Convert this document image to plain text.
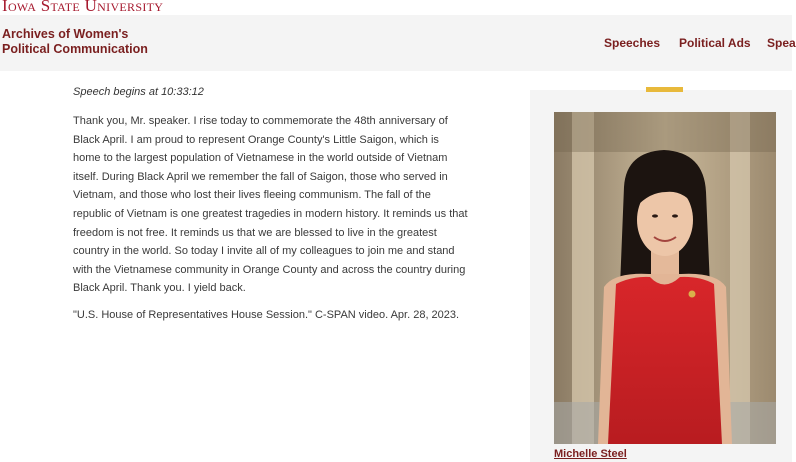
Iowa State University
Archives of Women's
Political Communication	Speeches Political Ads Spea

Speech begins at 10:33:12

Thank you, Mr. speaker. I rise today to commemorate the 48th anniversary of Black April. I am proud to represent Orange County's Little Saigon, which is home to the largest population of Vietnamese in the world outside of Vietnam itself. During Black April we remember the fall of Saigon, those who served in Vietnam, and those who lost their lives fleeing communism. The fall of the republic of Vietnam is one greatest tragedies in modern history. It reminds us that freedom is not free. It reminds us that we are blessed to live in the greatest country in the world. So today I invite all of my colleagues to join me and stand with the Vietnamese community in Orange County and across the country during Black April. Thank you. I yield back.

"U.S. House of Representatives House Session." C-SPAN video. Apr. 28, 2023.

Michelle Steel
